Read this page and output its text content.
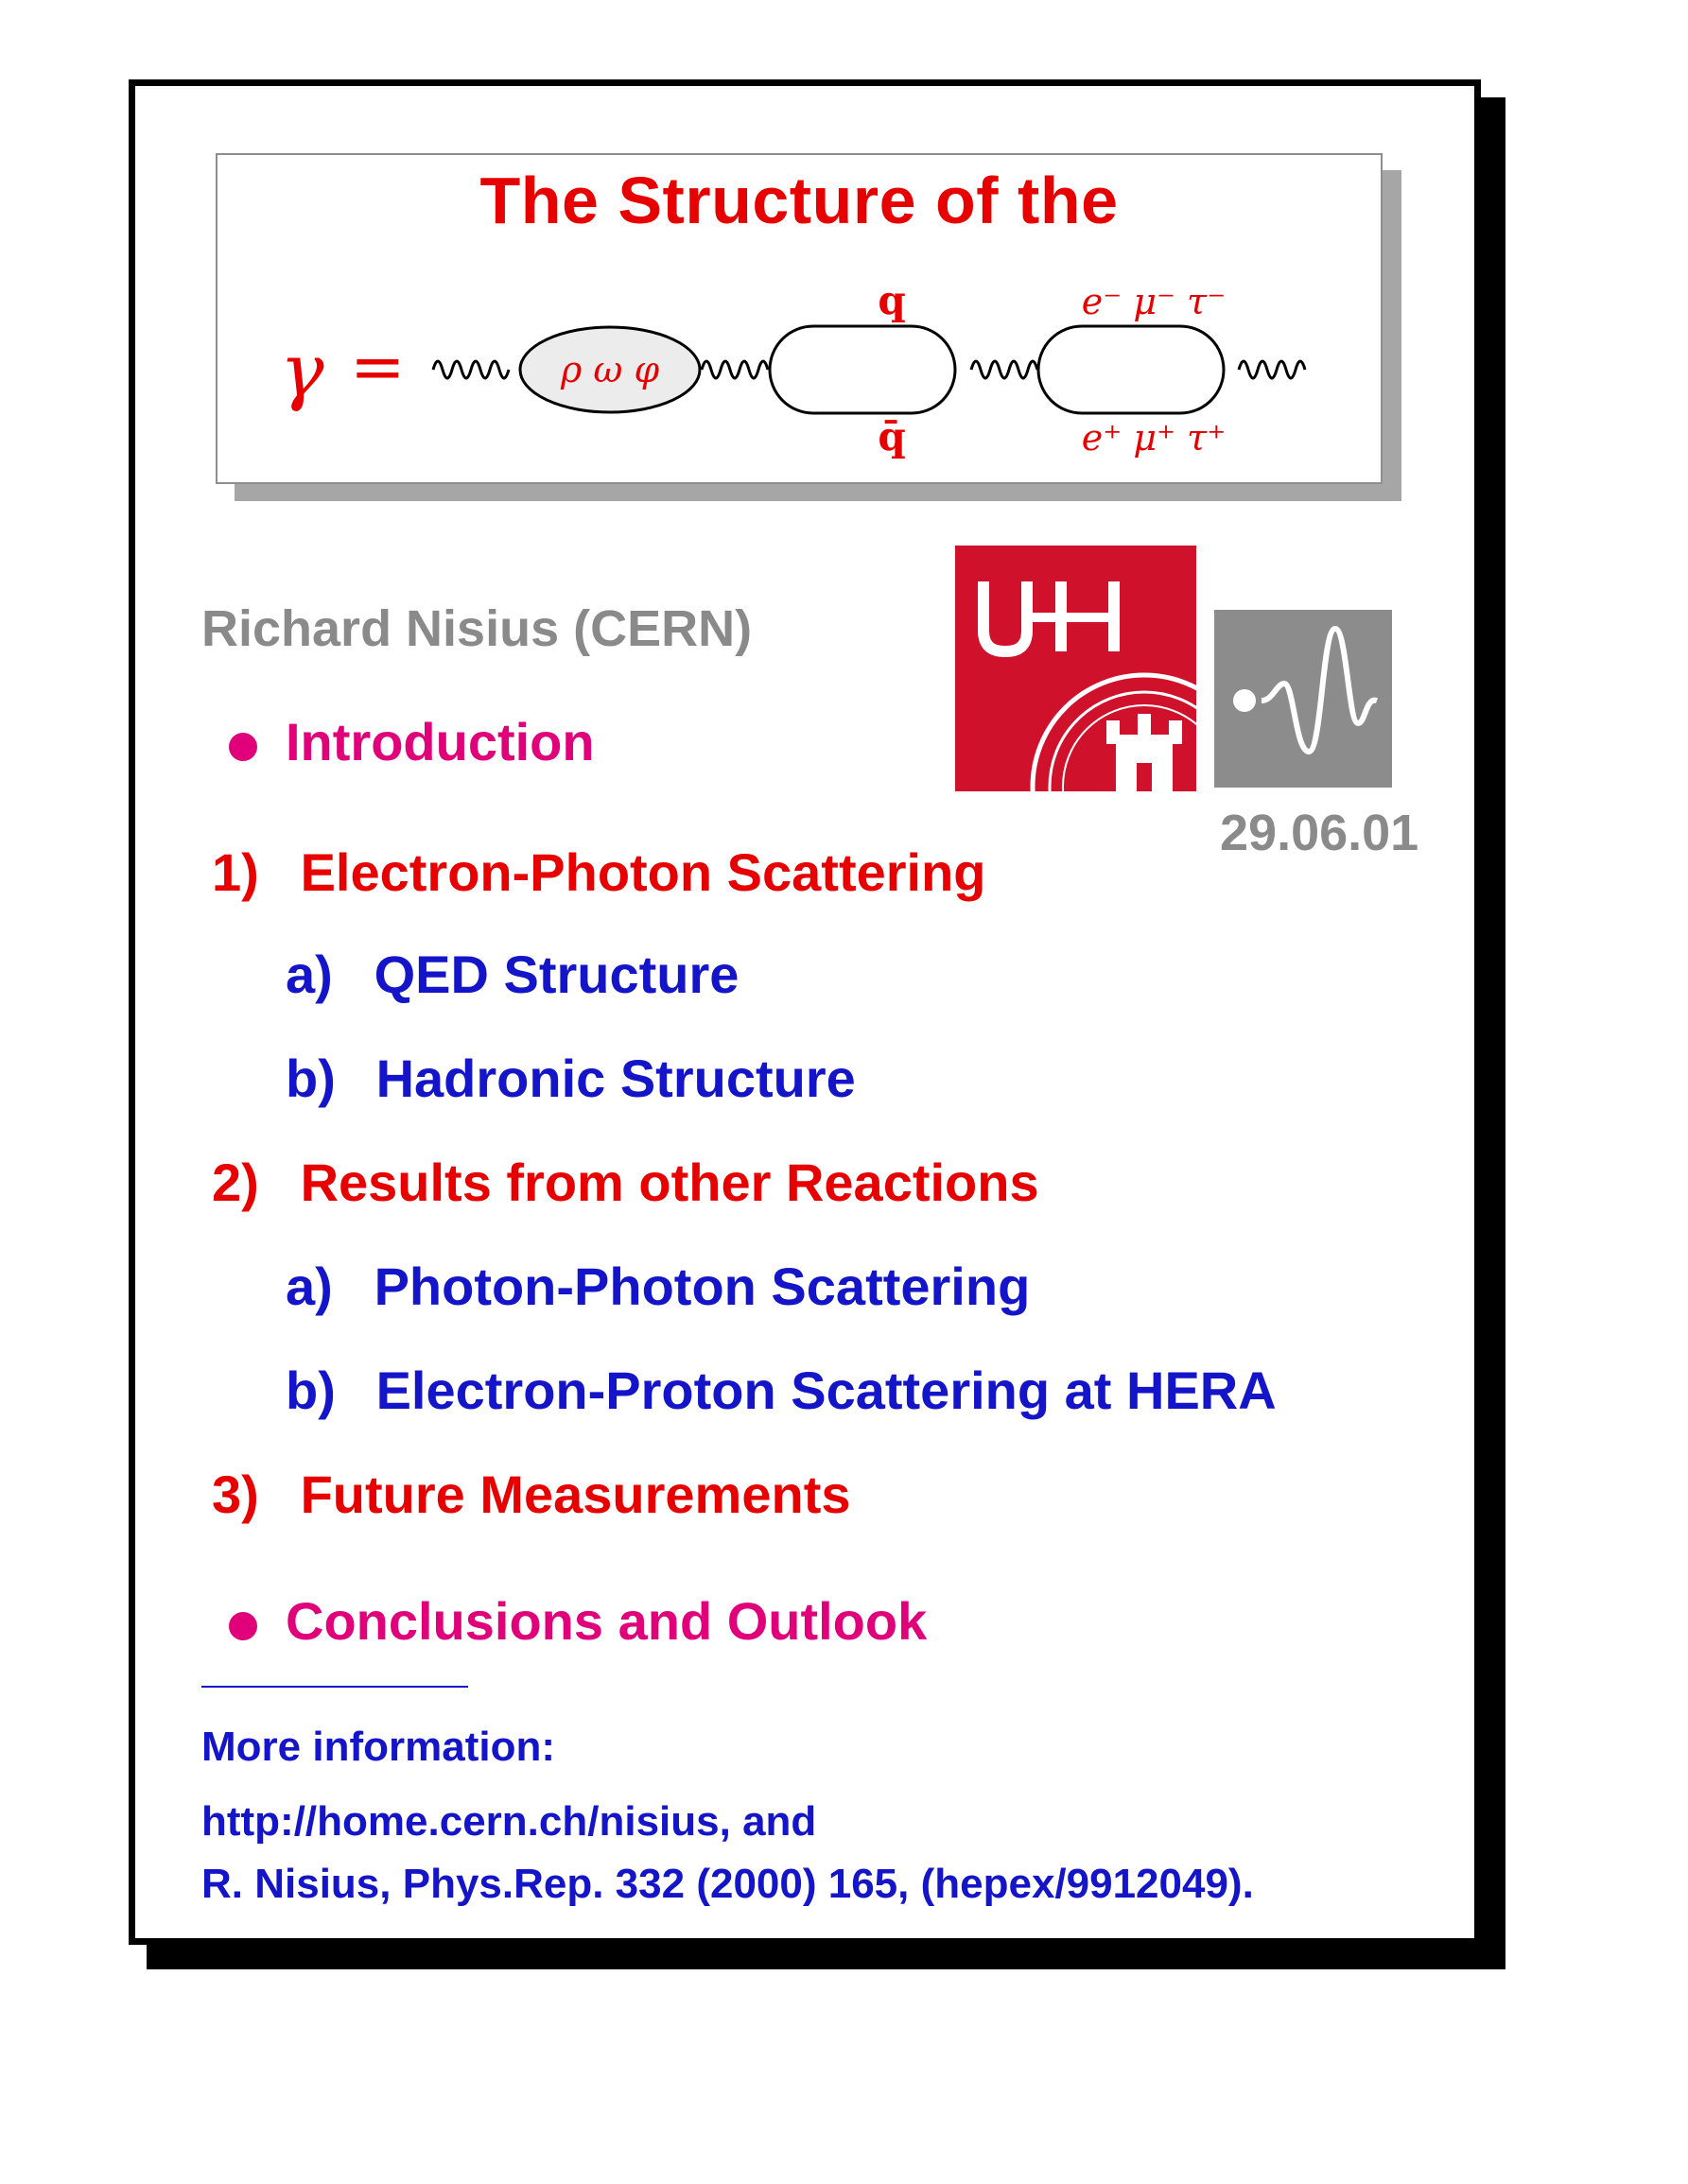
The Structure of the
γ =	ρ ω φ
q
q̄
e⁻ μ⁻ τ⁻
e⁺ μ⁺ τ⁺
Richard Nisius (CERN)
29.06.01
Introduction
1) Electron-Photon Scattering
a) QED Structure
b) Hadronic Structure
2) Results from other Reactions
a) Photon-Photon Scattering
b) Electron-Proton Scattering at HERA
3) Future Measurements
Conclusions and Outlook
More information:
http://home.cern.ch/nisius, and
R. Nisius, Phys.Rep. 332 (2000) 165, (hepex/9912049).
